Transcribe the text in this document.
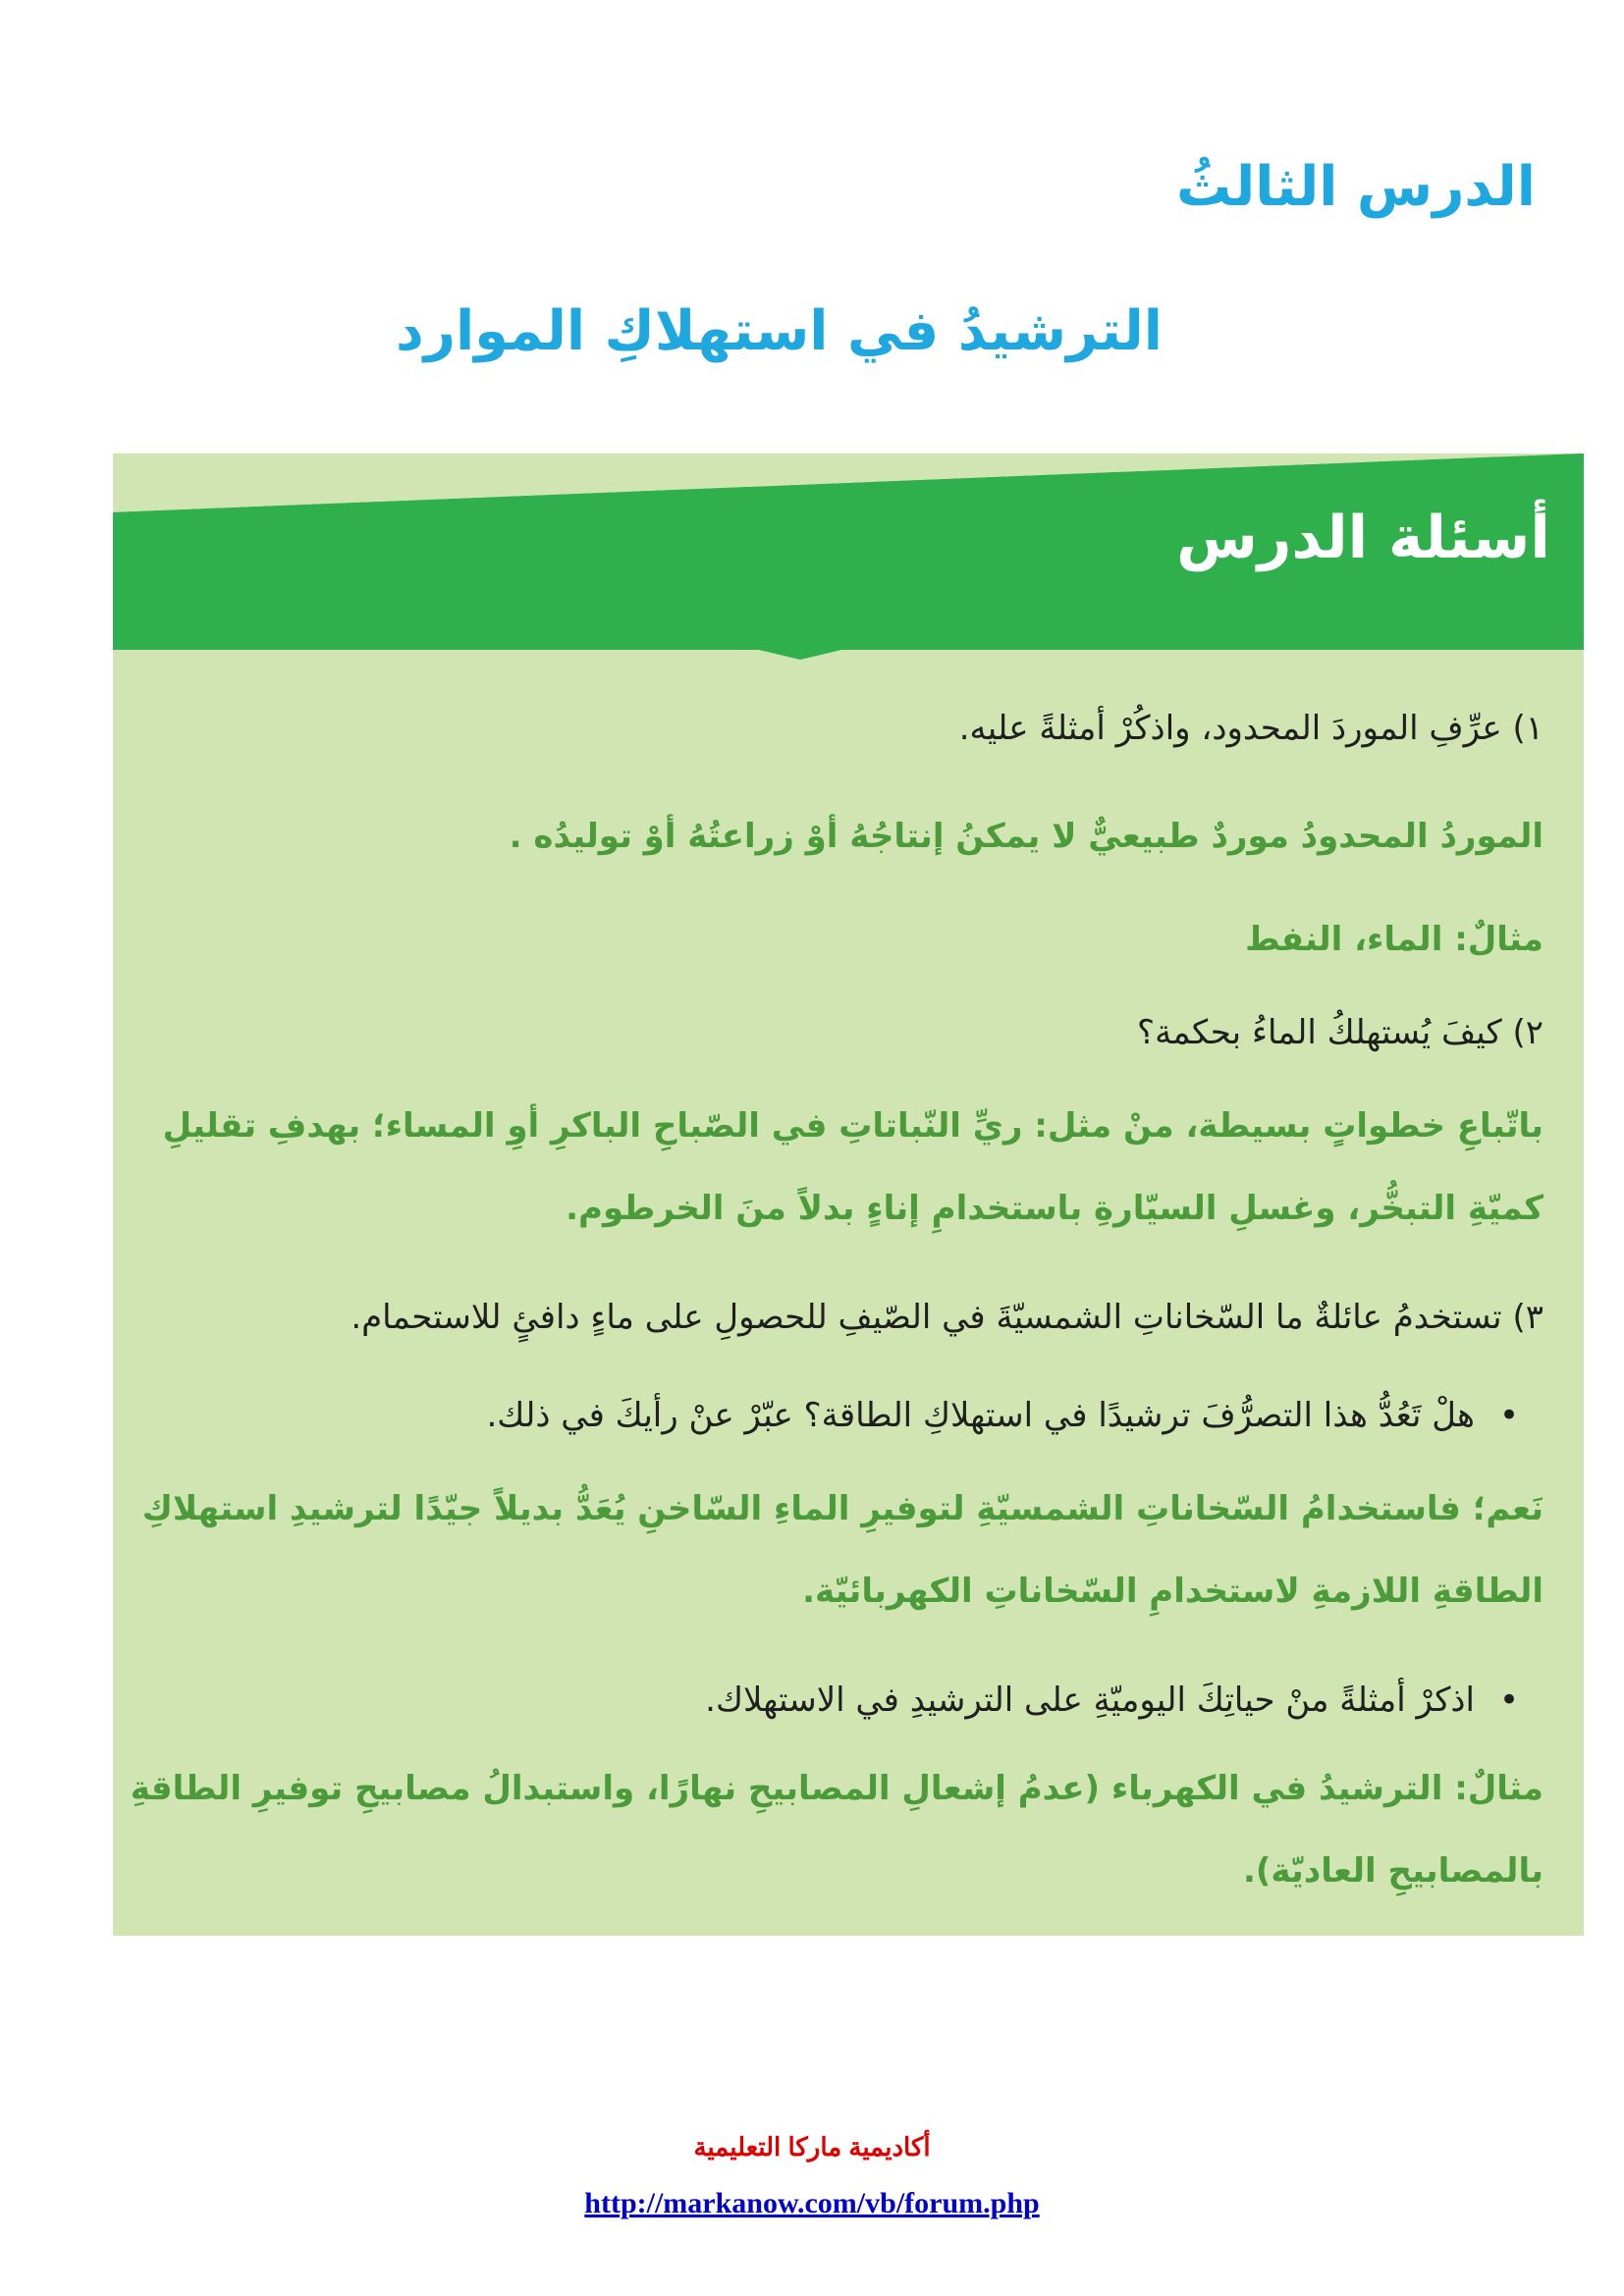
الدرس الثالثُ
الترشيدُ في استهلاكِ الموارد
أسئلة الدرس
١) عرِّفِ الموردَ المحدود، واذكُرْ أمثلةً عليه.
الموردُ المحدودُ موردٌ طبيعيٌّ لا يمكنُ إنتاجُهُ أوْ زراعتُهُ أوْ توليدُه .
مثالٌ: الماء، النفط
٢) كيفَ يُستهلكُ الماءُ بحكمة؟
باتّباعِ خطواتٍ بسيطة، منْ مثل: ريِّ النّباتاتِ في الصّباحِ الباكرِ أوِ المساء؛ بهدفِ تقليلِ كميّةِ التبخُّر، وغسلِ السيّارةِ باستخدامِ إناءٍ بدلاً منَ الخرطوم.
٣) تستخدمُ عائلةٌ ما السّخاناتِ الشمسيّةَ في الصّيفِ للحصولِ على ماءٍ دافئٍ للاستحمام.
•هلْ تَعُدُّ هذا التصرُّفَ ترشيدًا في استهلاكِ الطاقة؟ عبّرْ عنْ رأيكَ في ذلك.
نَعم؛ فاستخدامُ السّخاناتِ الشمسيّةِ لتوفيرِ الماءِ السّاخنِ يُعَدُّ بديلاً جيّدًا لترشيدِ استهلاكِ الطاقةِ اللازمةِ لاستخدامِ السّخاناتِ الكهربائيّة.
•اذكرْ أمثلةً منْ حياتِكَ اليوميّةِ على الترشيدِ في الاستهلاك.
مثالٌ: الترشيدُ في الكهرباء (عدمُ إشعالِ المصابيحِ نهارًا، واستبدالُ مصابيحِ توفيرِ الطاقةِ بالمصابيحِ العاديّة).
أكاديمية ماركا التعليمية
http://markanow.com/vb/forum.php
